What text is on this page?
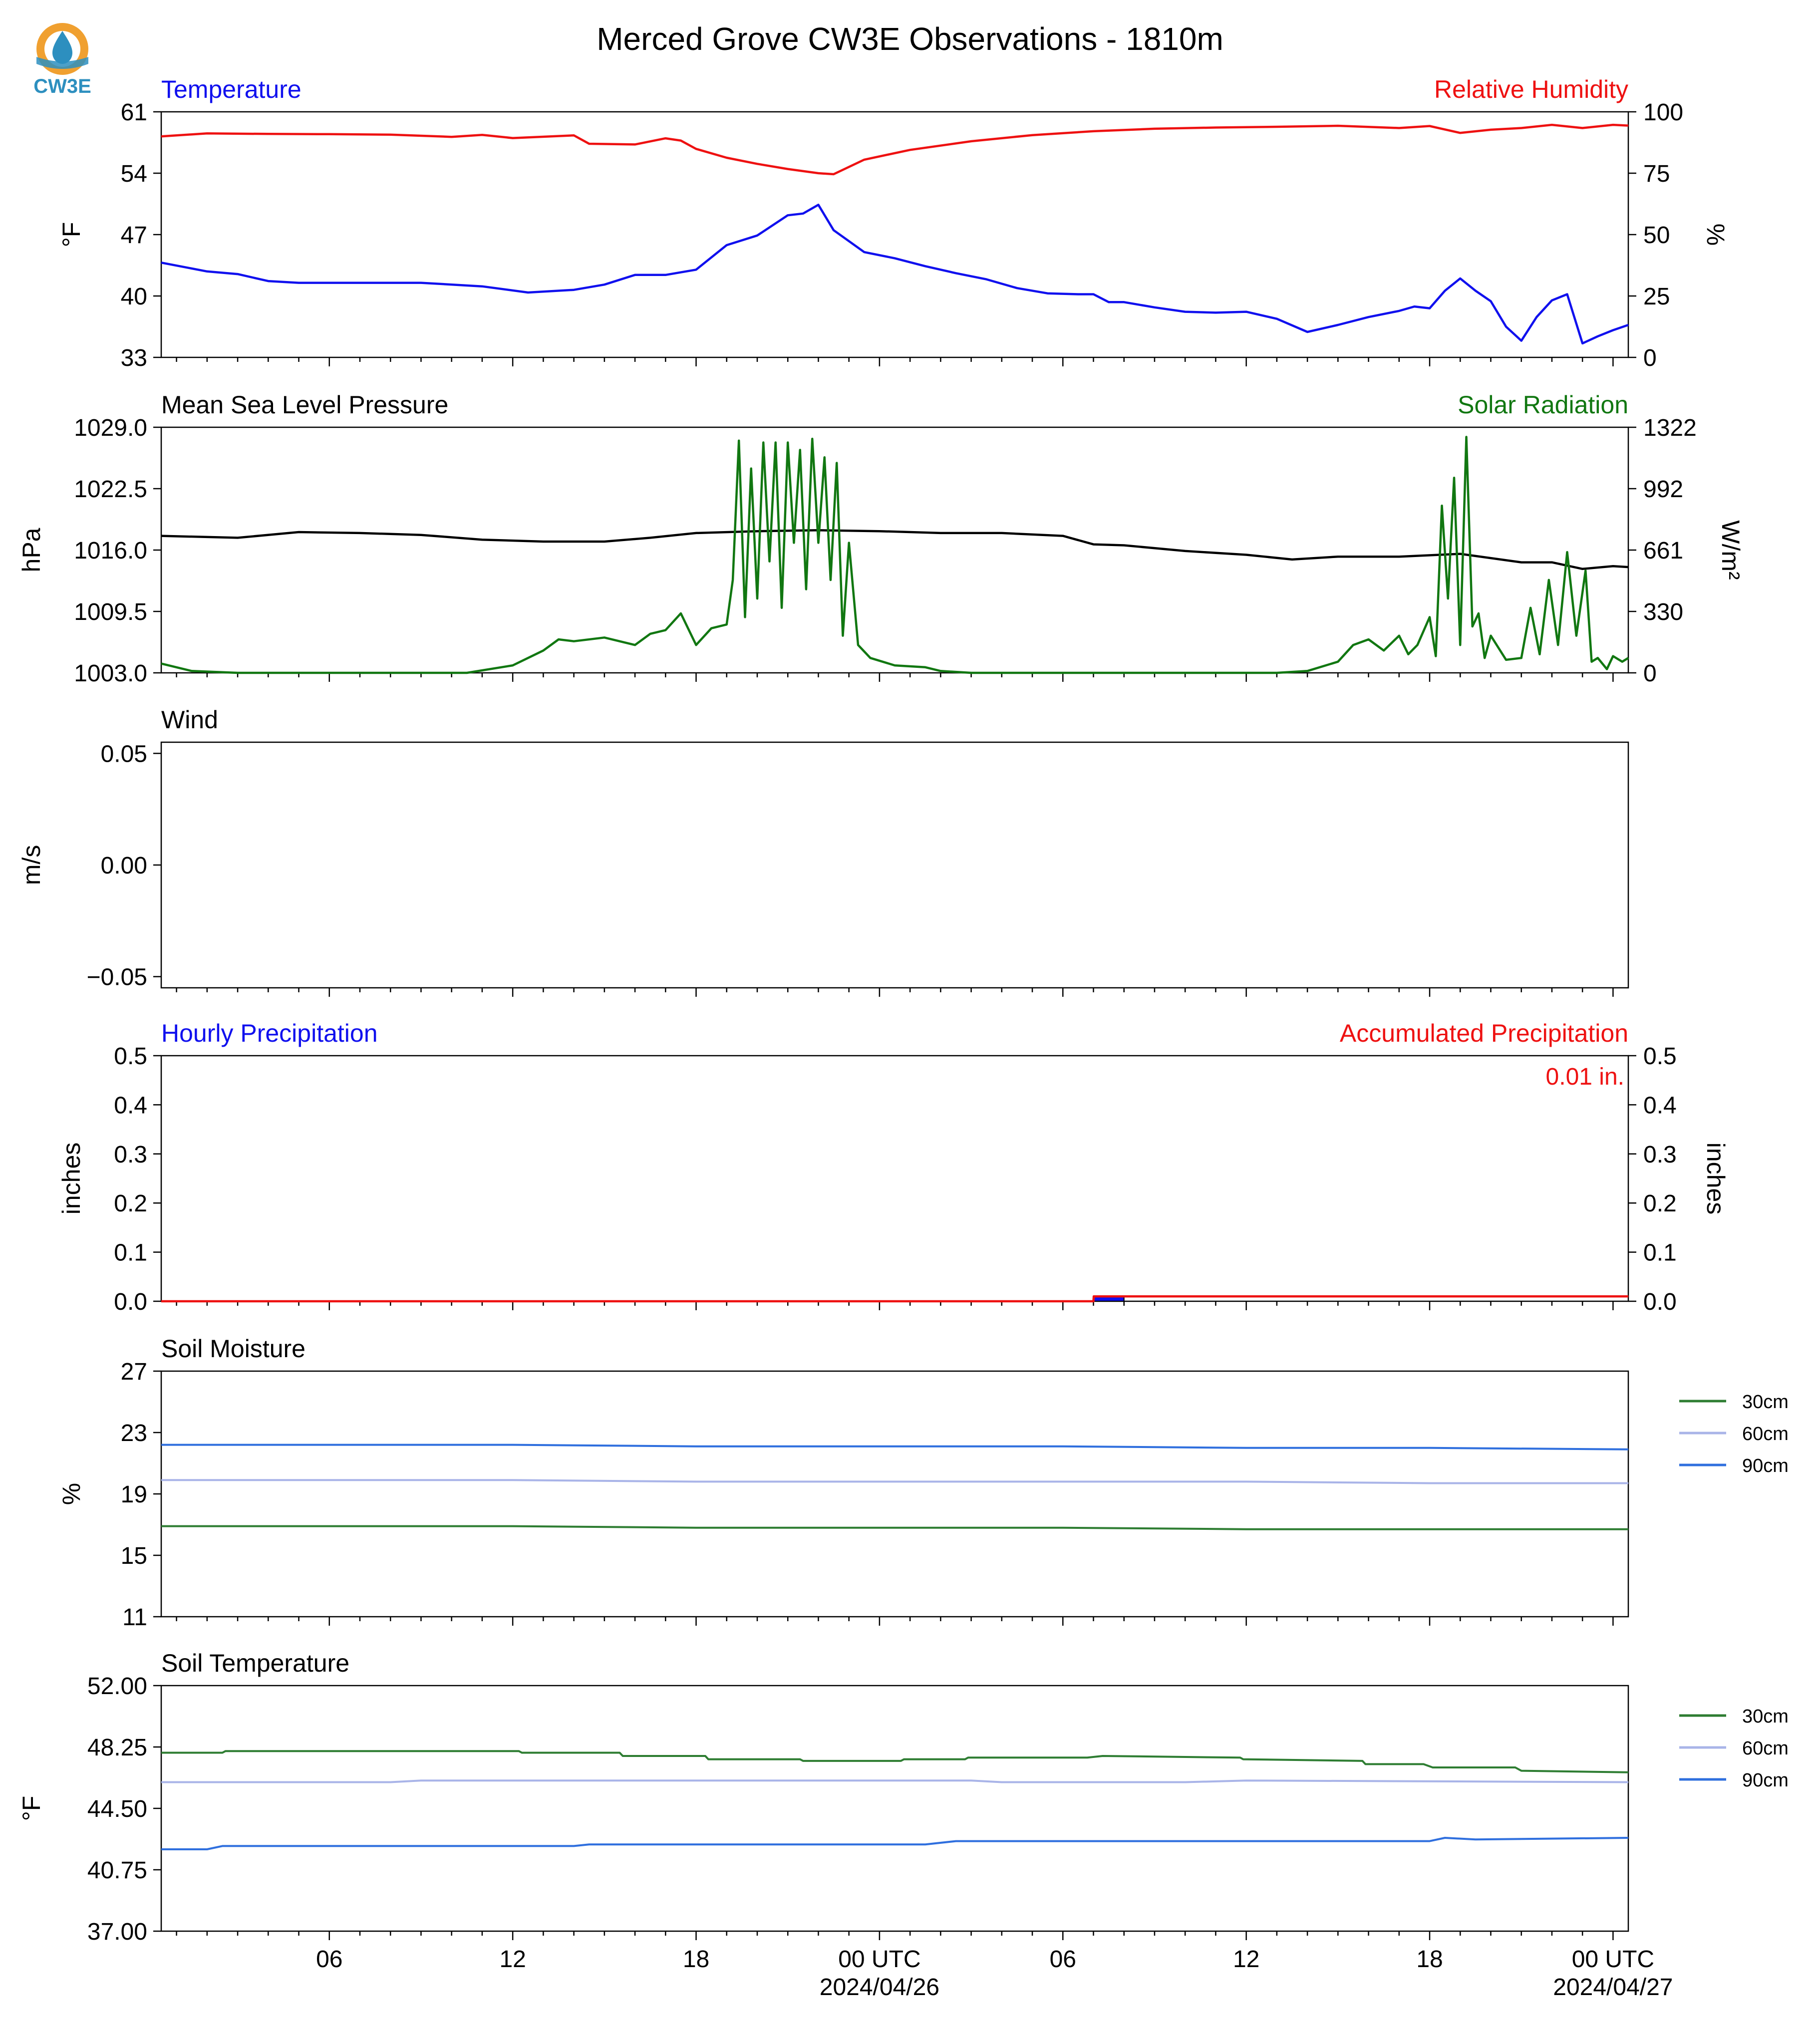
CW3E
Merced Grove CW3E Observations - 1810m
Temperature	Relative Humidity
61
54
47
40
33
100
75
50
25
0
°F	%
Mean Sea Level Pressure	Solar Radiation
1029.0
1022.5
1016.0
1009.5
1003.0
1322
992
661
330
0
hPa	W/m²
Wind
0.05
0.00
−0.05
m/s
Hourly Precipitation	Accumulated Precipitation
0.5
0.4
0.3
0.2
0.1
0.0
0.5
0.4
0.3
0.2
0.1
0.0
inches	inches
0.01 in.
Soil Moisture
27
23
19
15
11
%
30cm
60cm
90cm
Soil Temperature
52.00
48.25
44.50
40.75
37.00
°F
30cm
60cm
90cm
06	12	18	00 UTC
2024/04/26
06	12	18	00 UTC
2024/04/27
